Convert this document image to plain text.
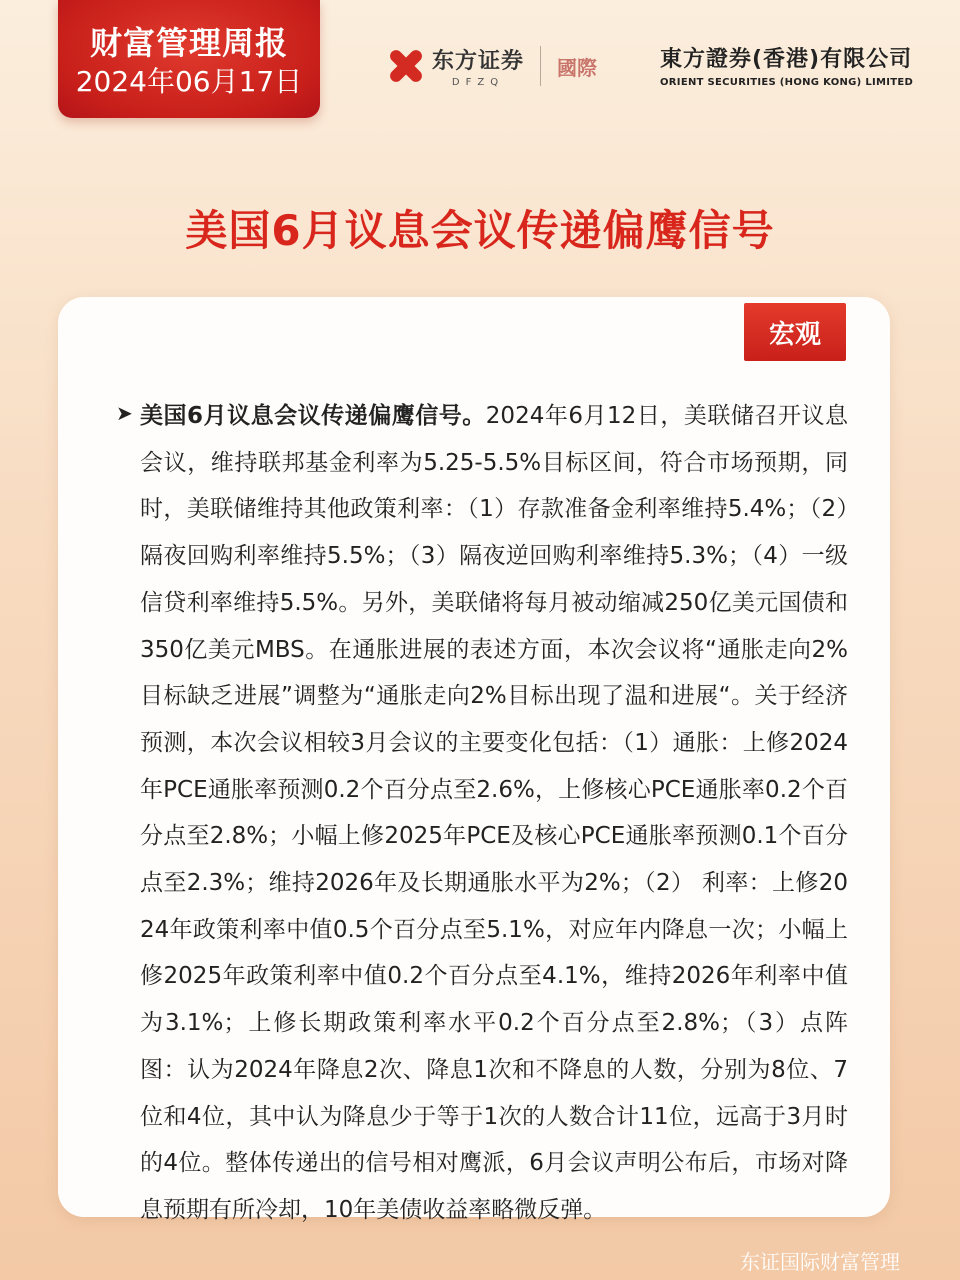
财富管理周报
2024年06月17日
东方证券
DFZQ
國際	東方證券(香港)有限公司
ORIENT SECURITIES (HONG KONG) LIMITED
美国6月议息会议传递偏鹰信号
宏观
➤ 美国6月议息会议传递偏鹰信号。2024年6月12日，美联储召开议息会议，维持联邦基金利率为5.25-5.5%目标区间，符合市场预期，同时，美联储维持其他政策利率：（1）存款准备金利率维持5.4%；（2）隔夜回购利率维持5.5%；（3）隔夜逆回购利率维持5.3%；（4）一级信贷利率维持5.5%。另外，美联储将每月被动缩减250亿美元国债和350亿美元MBS。在通胀进展的表述方面，本次会议将“通胀走向2%目标缺乏进展”调整为“通胀走向2%目标出现了温和进展“。关于经济预测，本次会议相较3月会议的主要变化包括：（1）通胀：上修2024年PCE通胀率预测0.2个百分点至2.6%，上修核心PCE通胀率0.2个百分点至2.8%；小幅上修2025年PCE及核心PCE通胀率预测0.1个百分点至2.3%；维持2026年及长期通胀水平为2%；（2） 利率：上修2024年政策利率中值0.5个百分点至5.1%，对应年内降息一次；小幅上修2025年政策利率中值0.2个百分点至4.1%，维持2026年利率中值为3.1%；上修长期政策利率水平0.2个百分点至2.8%；（3）点阵图：认为2024年降息2次、降息1次和不降息的人数，分别为8位、7位和4位，其中认为降息少于等于1次的人数合计11位，远高于3月时的4位。整体传递出的信号相对鹰派，6月会议声明公布后，市场对降息预期有所冷却，10年美债收益率略微反弹。
东证国际财富管理
